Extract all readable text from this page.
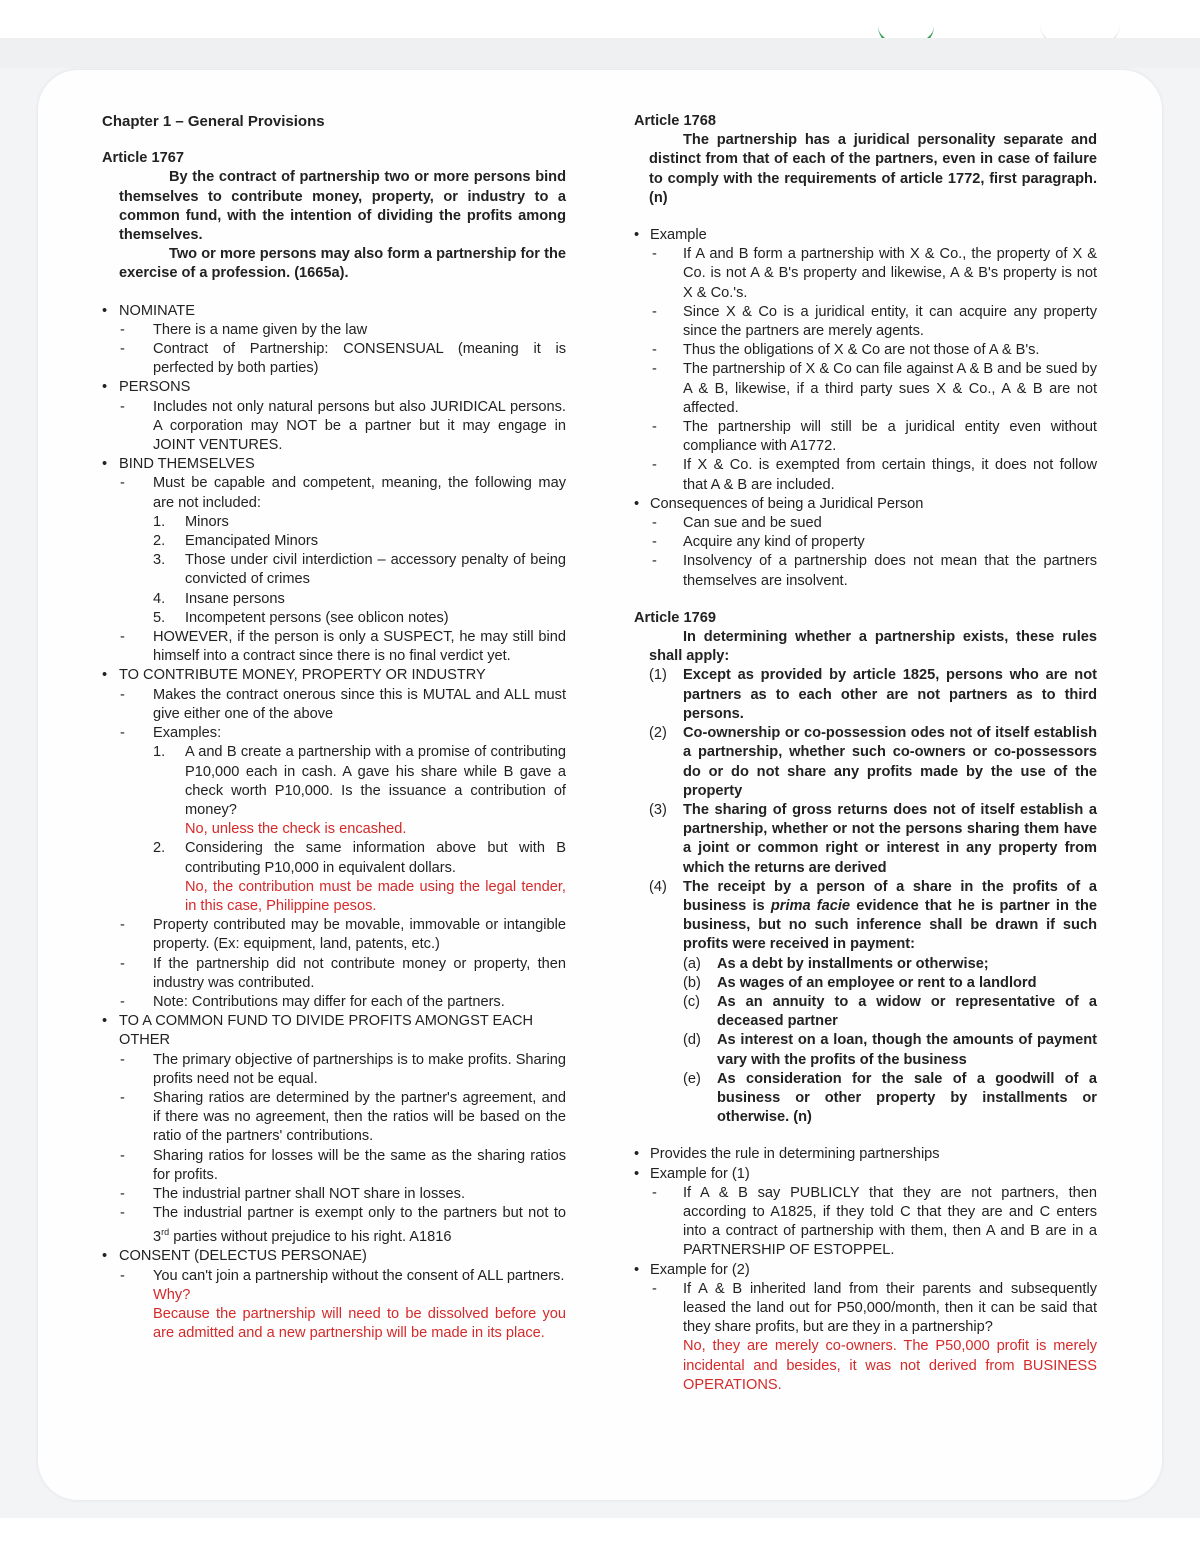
Chapter 1 – General Provisions

Article 1767

By the contract of partnership two or more persons bind themselves to contribute money, property, or industry to a common fund, with the intention of dividing the profits among themselves.

Two or more persons may also form a partnership for the exercise of a profession. (1665a).

• NOMINATE

- There is a name given by the law

- Contract of Partnership: CONSENSUAL (meaning it is perfected by both parties)

• PERSONS

- Includes not only natural persons but also JURIDICAL persons. A corporation may NOT be a partner but it may engage in JOINT VENTURES.

• BIND THEMSELVES

- Must be capable and competent, meaning, the following may are not included:

1. Minors

2. Emancipated Minors

3. Those under civil interdiction – accessory penalty of being convicted of crimes

4. Insane persons

5. Incompetent persons (see oblicon notes)

- HOWEVER, if the person is only a SUSPECT, he may still bind himself into a contract since there is no final verdict yet.

• TO CONTRIBUTE MONEY, PROPERTY OR INDUSTRY

- Makes the contract onerous since this is MUTAL and ALL must give either one of the above

- Examples:

1. A and B create a partnership with a promise of contributing P10,000 each in cash. A gave his share while B gave a check worth P10,000. Is the issuance a contribution of money?

No, unless the check is encashed.

2. Considering the same information above but with B contributing P10,000 in equivalent dollars.

No, the contribution must be made using the legal tender, in this case, Philippine pesos.

- Property contributed may be movable, immovable or intangible property. (Ex: equipment, land, patents, etc.)

- If the partnership did not contribute money or property, then industry was contributed.

- Note: Contributions may differ for each of the partners.

• TO A COMMON FUND TO DIVIDE PROFITS AMONGST EACH OTHER

- The primary objective of partnerships is to make profits. Sharing profits need not be equal.

- Sharing ratios are determined by the partner's agreement, and if there was no agreement, then the ratios will be based on the ratio of the partners' contributions.

- Sharing ratios for losses will be the same as the sharing ratios for profits.

- The industrial partner shall NOT share in losses.

- The industrial partner is exempt only to the partners but not to 3rd parties without prejudice to his right. A1816

• CONSENT (DELECTUS PERSONAE)

- You can't join a partnership without the consent of ALL partners.

Why?

Because the partnership will need to be dissolved before you are admitted and a new partnership will be made in its place.

Article 1768

The partnership has a juridical personality separate and distinct from that of each of the partners, even in case of failure to comply with the requirements of article 1772, first paragraph. (n)

• Example

- If A and B form a partnership with X & Co., the property of X & Co. is not A & B's property and likewise, A & B's property is not X & Co.'s.

- Since X & Co is a juridical entity, it can acquire any property since the partners are merely agents.

- Thus the obligations of X & Co are not those of A & B's.

- The partnership of X & Co can file against A & B and be sued by A & B, likewise, if a third party sues X & Co., A & B are not affected.

- The partnership will still be a juridical entity even without compliance with A1772.

- If X & Co. is exempted from certain things, it does not follow that A & B are included.

• Consequences of being a Juridical Person

- Can sue and be sued

- Acquire any kind of property

- Insolvency of a partnership does not mean that the partners themselves are insolvent.

Article 1769

In determining whether a partnership exists, these rules shall apply:

(1) Except as provided by article 1825, persons who are not partners as to each other are not partners as to third persons.

(2) Co-ownership or co-possession odes not of itself establish a partnership, whether such co-owners or co-possessors do or do not share any profits made by the use of the property

(3) The sharing of gross returns does not of itself establish a partnership, whether or not the persons sharing them have a joint or common right or interest in any property from which the returns are derived

(4) The receipt by a person of a share in the profits of a business is prima facie evidence that he is partner in the business, but no such inference shall be drawn if such profits were received in payment:

(a) As a debt by installments or otherwise;

(b) As wages of an employee or rent to a landlord

(c) As an annuity to a widow or representative of a deceased partner

(d) As interest on a loan, though the amounts of payment vary with the profits of the business

(e) As consideration for the sale of a goodwill of a business or other property by installments or otherwise. (n)

• Provides the rule in determining partnerships

• Example for (1)

- If A & B say PUBLICLY that they are not partners, then according to A1825, if they told C that they are and C enters into a contract of partnership with them, then A and B are in a PARTNERSHIP OF ESTOPPEL.

• Example for (2)

- If A & B inherited land from their parents and subsequently leased the land out for P50,000/month, then it can be said that they share profits, but are they in a partnership?

No, they are merely co-owners. The P50,000 profit is merely incidental and besides, it was not derived from BUSINESS OPERATIONS.
